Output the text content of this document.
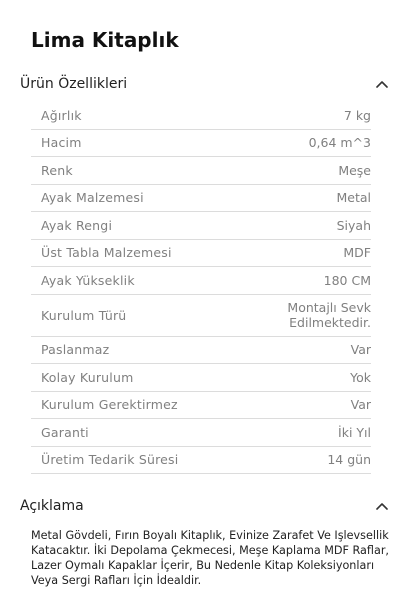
Lima Kitaplık
Ürün Özellikleri
Ağırlık	7 kg
Hacim	0,64 m^3
Renk	Meşe
Ayak Malzemesi	Metal
Ayak Rengi	Siyah
Üst Tabla Malzemesi	MDF
Ayak Yükseklik	180 CM
Kurulum Türü	Montajlı Sevk Edilmektedir.
Paslanmaz	Var
Kolay Kurulum	Yok
Kurulum Gerektirmez	Var
Garanti	İki Yıl
Üretim Tedarik Süresi	14 gün
Açıklama
Metal Gövdeli, Fırın Boyalı Kitaplık, Evinize Zarafet Ve Işlevsellik Katacaktır. İki Depolama Çekmecesi, Meşe Kaplama MDF Raflar, Lazer Oymalı Kapaklar İçerir, Bu Nedenle Kitap Koleksiyonları Veya Sergi Rafları İçin İdealdir.
